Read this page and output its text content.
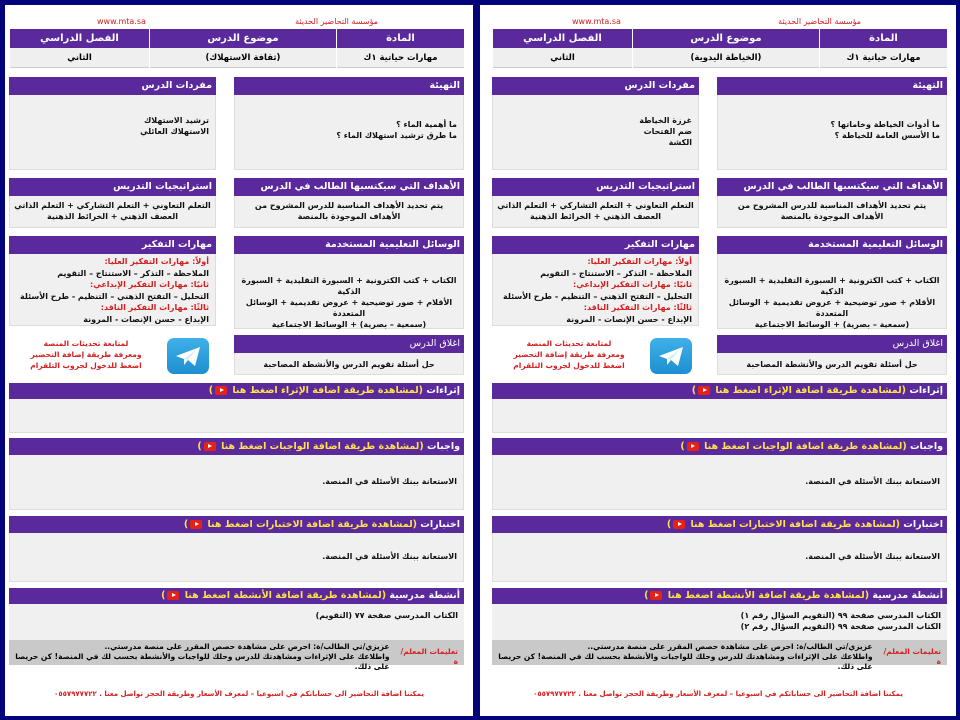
www.mta.sa	مؤسسة التحاضير الحديثة
المادة
مهارات حياتية ١ك
موضوع الدرس
(ثقافة الاستهلاك)
الفصل الدراسي
الثاني
التهيئة
ما أهمية الماء ؟
ما طرق ترشيد استهلاك الماء ؟
مفردات الدرس
ترشيد الاستهلاك
الاستهلاك العائلي
الأهداف التي سيكتسبها الطالب في الدرس
يتم تحديد الأهداف المناسبة للدرس المشروح من الأهداف الموجودة بالمنصة
استراتيجيات التدريس
التعلم التعاوني + التعلم التشاركي + التعلم الذاتي
العصف الذهني + الخرائط الذهنية
الوسائل التعليمية المستخدمة
الكتاب + كتب الكترونية + السبورة التقليدية + السبورة الذكية
الأقلام + صور توضيحية + عروض تقديمية + الوسائل المتعددة
(سمعية – بصرية) + الوسائط الاجتماعية
مهارات التفكير
أولاً: مهارات التفكير العليا:
الملاحظة – التذكر – الاستنتاج – التقويم
ثانيًا: مهارات التفكير الإبداعي:
التحليل – التفتح الذهني – التنظيم - طرح الأسئلة
ثالثًا: مهارات التفكير الناقد:
الإبداع - حسن الإنصات - المرونة
اغلاق الدرس
حل أسئلة تقويم الدرس والأنشطة المصاحبة
لمتابعة تحديثات المنصة
ومعرفة طريقة إضافة التحضير
اضغط للدخول لجروب التلقرام
إثراءات (لمشاهدة طريقة اضافة الإثراء اضغط هنا )
واجبات (لمشاهدة طريقة اضافة الواجبات اضغط هنا )
الاستعانة ببنك الأسئلة في المنصة.
اختبارات (لمشاهدة طريقة اضافة الاختبارات اضغط هنا )
الاستعانة ببنك الأسئلة في المنصة.
أنشطة مدرسية (لمشاهدة طريقة اضافة الأنشطة اضغط هنا )
الكتاب المدرسي صفحة ٧٧ (التقويم)
تعليمات المعلم/ة
عزيزي/تي الطالب/ة: احرص على مشاهدة حصص المقرر على منصة مدرستي..
واطلاعك على الإثراءات ومشاهدتك للدرس وحلك للواجبات والأنشطة بحسب لك في المنصة! كن حريصا على ذلك.
يمكننا اضافة التحاضير الى حساباتكم في اسبوعيا – لمعرف الأسعار وطريقة الحجز تواصل معنا . ٠٥٥٧٩٧٧٧٢٢
www.mta.sa	مؤسسة التحاضير الحديثة
المادة
مهارات حياتية ١ك
موضوع الدرس
(الخياطة اليدوية)
الفصل الدراسي
الثاني
التهيئة
ما أدوات الخياطة وخاماتها ؟
ما الأسس العامة للخياطة ؟
مفردات الدرس
غرزة الخياطة
ضم الفتحات
الكشة
الأهداف التي سيكتسبها الطالب في الدرس
يتم تحديد الأهداف المناسبة للدرس المشروح من الأهداف الموجودة بالمنصة
استراتيجيات التدريس
التعلم التعاوني + التعلم التشاركي + التعلم الذاتي
العصف الذهني + الخرائط الذهنية
الوسائل التعليمية المستخدمة
الكتاب + كتب الكترونية + السبورة التقليدية + السبورة الذكية
الأقلام + صور توضيحية + عروض تقديمية + الوسائل المتعددة
(سمعية – بصرية) + الوسائط الاجتماعية
مهارات التفكير
أولاً: مهارات التفكير العليا:
الملاحظة – التذكر – الاستنتاج – التقويم
ثانيًا: مهارات التفكير الإبداعي:
التحليل – التفتح الذهني – التنظيم - طرح الأسئلة
ثالثًا: مهارات التفكير الناقد:
الإبداع - حسن الإنصات - المرونة
اغلاق الدرس
حل أسئلة تقويم الدرس والأنشطة المصاحبة
لمتابعة تحديثات المنصة
ومعرفة طريقة إضافة التحضير
اضغط للدخول لجروب التلقرام
إثراءات (لمشاهدة طريقة اضافة الإثراء اضغط هنا )
واجبات (لمشاهدة طريقة اضافة الواجبات اضغط هنا )
الاستعانة ببنك الأسئلة في المنصة.
اختبارات (لمشاهدة طريقة اضافة الاختبارات اضغط هنا )
الاستعانة ببنك الأسئلة في المنصة.
أنشطة مدرسية (لمشاهدة طريقة اضافة الأنشطة اضغط هنا )
الكتاب المدرسي صفحة ٩٩ (التقويم السؤال رقم ١)
الكتاب المدرسي صفحة ٩٩ (التقويم السؤال رقم ٢)
تعليمات المعلم/ة
عزيزي/تي الطالب/ة: احرص على مشاهدة حصص المقرر على منصة مدرستي..
واطلاعك على الإثراءات ومشاهدتك للدرس وحلك للواجبات والأنشطة بحسب لك في المنصة! كن حريصا على ذلك.
يمكننا اضافة التحاضير الى حساباتكم في اسبوعيا – لمعرف الأسعار وطريقة الحجز تواصل معنا . ٠٥٥٧٩٧٧٧٢٢
